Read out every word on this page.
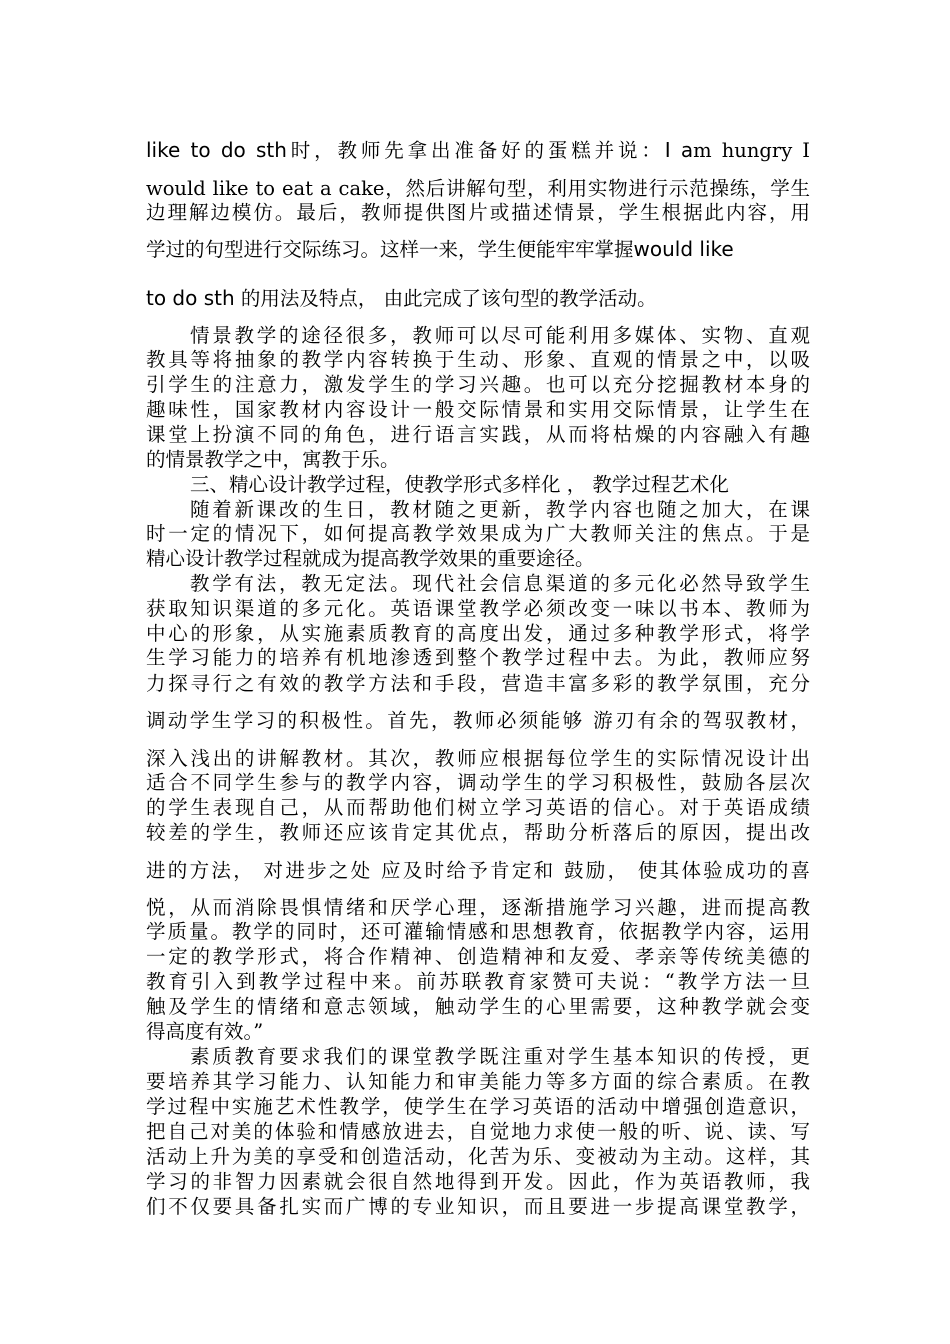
like to do sth时，教师先拿出准备好的蛋糕并说：I am hungry I
would like to eat a cake，然后讲解句型，利用实物进行示范操练，学生
边理解边模仿。最后，教师提供图片或描述情景，学生根据此内容，用
学过的句型进行交际练习。这样一来，学生便能牢牢掌握would like
to do sth 的用法及特点， 由此完成了该句型的教学活动。
情景教学的途径很多，教师可以尽可能利用多媒体、实物、直观
教具等将抽象的教学内容转换于生动、形象、直观的情景之中，以吸
引学生的注意力，激发学生的学习兴趣。也可以充分挖掘教材本身的
趣味性，国家教材内容设计一般交际情景和实用交际情景，让学生在
课堂上扮演不同的角色，进行语言实践，从而将枯燥的内容融入有趣
的情景教学之中，寓教于乐。
三、精心设计教学过程，使教学形式多样化 ， 教学过程艺术化
随着新课改的生日，教材随之更新，教学内容也随之加大，在课
时一定的情况下，如何提高教学效果成为广大教师关注的焦点。于是
精心设计教学过程就成为提高教学效果的重要途径。
教学有法，教无定法。现代社会信息渠道的多元化必然导致学生
获取知识渠道的多元化。英语课堂教学必须改变一味以书本、教师为
中心的形象，从实施素质教育的高度出发，通过多种教学形式，将学
生学习能力的培养有机地渗透到整个教学过程中去。为此，教师应努
力探寻行之有效的教学方法和手段，营造丰富多彩的教学氛围，充分
调动学生学习的积极性。首先，教师必须能够 游刃有余的驾驭教材，
深入浅出的讲解教材。其次，教师应根据每位学生的实际情况设计出
适合不同学生参与的教学内容，调动学生的学习积极性，鼓励各层次
的学生表现自己，从而帮助他们树立学习英语的信心。对于英语成绩
较差的学生，教师还应该肯定其优点，帮助分析落后的原因，提出改
进的方法， 对进步之处 应及时给予肯定和 鼓励， 使其体验成功的喜
悦，从而消除畏惧情绪和厌学心理，逐渐措施学习兴趣，进而提高教
学质量。教学的同时，还可灌输情感和思想教育，依据教学内容，运用
一定的教学形式，将合作精神、创造精神和友爱、孝亲等传统美德的
教育引入到教学过程中来。前苏联教育家赞可夫说：“教学方法一旦
触及学生的情绪和意志领域，触动学生的心里需要，这种教学就会变
得高度有效。”
素质教育要求我们的课堂教学既注重对学生基本知识的传授，更
要培养其学习能力、认知能力和审美能力等多方面的综合素质。在教
学过程中实施艺术性教学，使学生在学习英语的活动中增强创造意识，
把自己对美的体验和情感放进去，自觉地力求使一般的听、说、读、写
活动上升为美的享受和创造活动，化苦为乐、变被动为主动。这样，其
学习的非智力因素就会很自然地得到开发。因此，作为英语教师，我
们不仅要具备扎实而广博的专业知识，而且要进一步提高课堂教学，
